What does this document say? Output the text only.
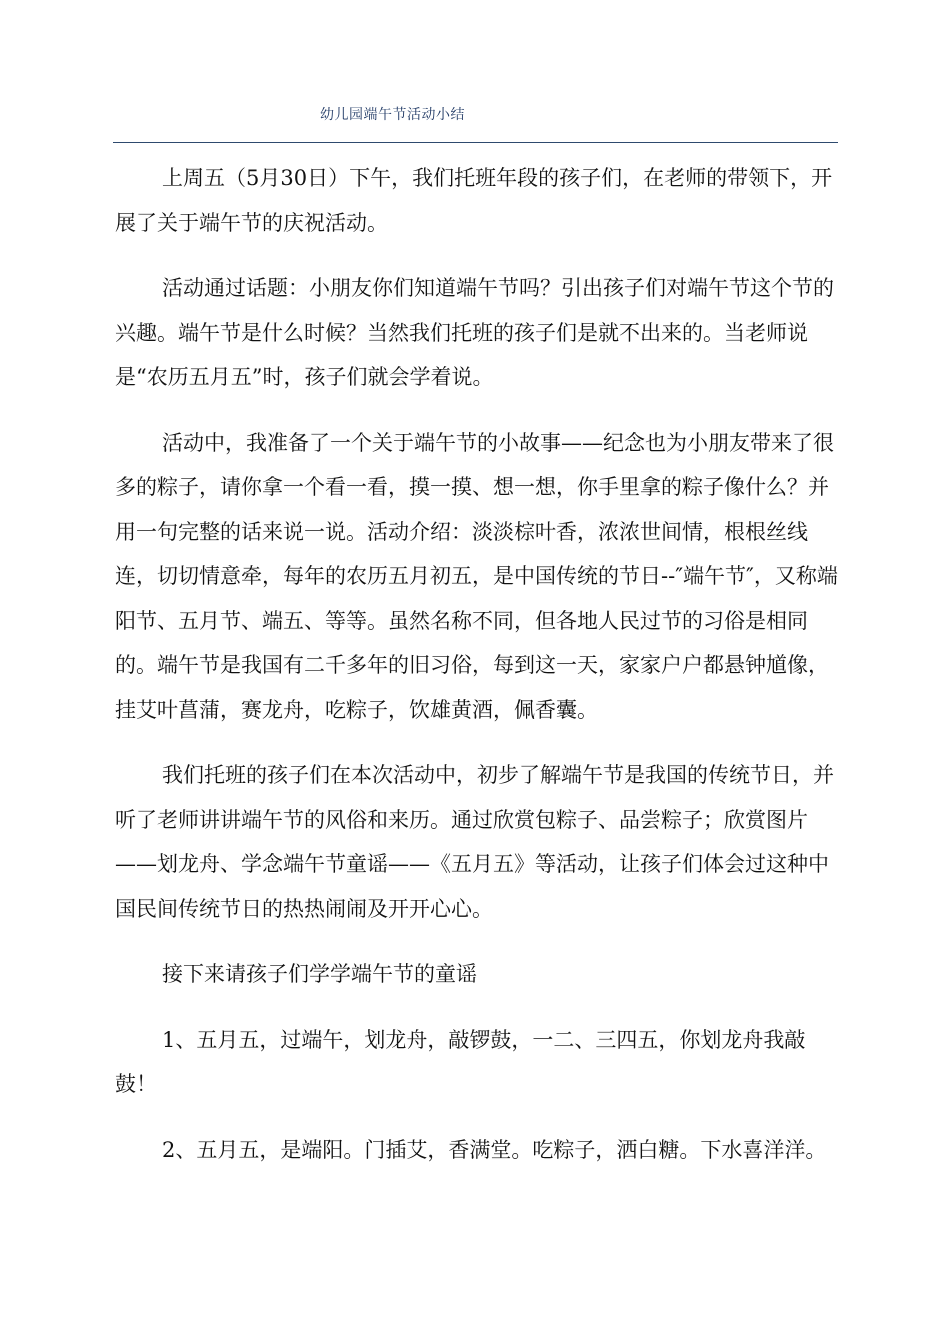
幼儿园端午节活动小结

上周五（5月30日）下午，我们托班年段的孩子们，在老师的带领下，开展了关于端午节的庆祝活动。

活动通过话题：小朋友你们知道端午节吗？引出孩子们对端午节这个节的兴趣。端午节是什么时候？当然我们托班的孩子们是就不出来的。当老师说是“农历五月五”时，孩子们就会学着说。

活动中，我准备了一个关于端午节的小故事——纪念也为小朋友带来了很多的粽子，请你拿一个看一看，摸一摸、想一想，你手里拿的粽子像什么？并用一句完整的话来说一说。活动介绍：淡淡棕叶香，浓浓世间情，根根丝线连，切切情意牵，每年的农历五月初五，是中国传统的节日--″端午节″，又称端阳节、五月节、端五、等等。虽然名称不同，但各地人民过节的习俗是相同的。端午节是我国有二千多年的旧习俗，每到这一天，家家户户都悬钟馗像，挂艾叶菖蒲，赛龙舟，吃粽子，饮雄黄酒，佩香囊。

我们托班的孩子们在本次活动中，初步了解端午节是我国的传统节日，并听了老师讲讲端午节的风俗和来历。通过欣赏包粽子、品尝粽子；欣赏图片——划龙舟、学念端午节童谣——《五月五》等活动，让孩子们体会过这种中国民间传统节日的热热闹闹及开开心心。

接下来请孩子们学学端午节的童谣

1、五月五，过端午，划龙舟，敲锣鼓，一二、三四五，你划龙舟我敲鼓！

2、五月五，是端阳。门插艾，香满堂。吃粽子，洒白糖。下水喜洋洋。
